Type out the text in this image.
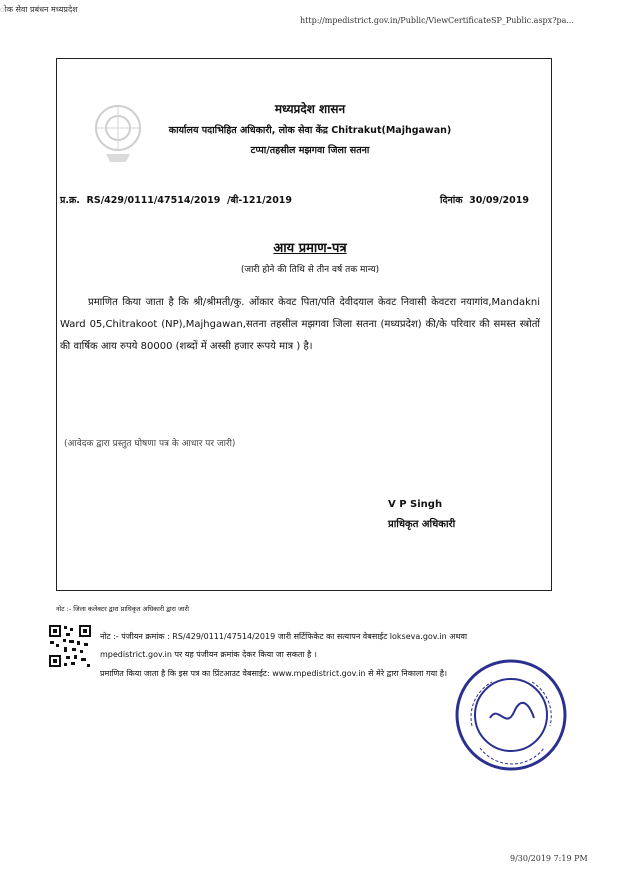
ोक सेवा प्रबंधन मध्यप्रदेश
http://mpedistrict.gov.in/Public/ViewCertificateSP_Public.aspx?pa...
मध्यप्रदेश शासन
कार्यालय पदाभिहित अधिकारी, लोक सेवा केंद्र Chitrakut(Majhgawan)
टप्पा/तहसील मझगवा जिला सतना
प्र.क्र. RS/429/0111/47514/2019 /बी-121/2019	दिनांक 30/09/2019
आय प्रमाण-पत्र
(जारी होने की तिथि से तीन वर्ष तक मान्य)
प्रमाणित किया जाता है कि श्री/श्रीमती/कु. ओंकार केवट पिता/पति देवीदयाल केवट निवासी केवटरा नयागांव,Mandakni Ward 05,Chitrakoot (NP),Majhgawan,सतना तहसील मझगवा जिला सतना (मध्यप्रदेश) की/के परिवार की समस्त स्त्रोतों की वार्षिक आय रुपये 80000 (शब्दों में अस्सी हजार रूपये मात्र ) है।
(आवेदक द्वारा प्रस्तुत घोषणा पत्र के आधार पर जारी)
V P Singh
प्राधिकृत अधिकारी
नोट :- जिला कलेक्टर द्वारा प्राधिकृत अधिकारी द्वारा जारी
नोट :- पंजीयन क्रमांक : RS/429/0111/47514/2019 जारी सर्टिफिकेट का सत्यापन वेबसाईट lokseva.gov.in अथवा mpedistrict.gov.in पर यह पंजीयन क्रमांक देकर किया जा सकता है ।
प्रमाणित किया जाता है कि इस पत्र का प्रिंटआउट वेबसाईट: www.mpedistrict.gov.in से मेरे द्वारा निकाला गया है।
9/30/2019 7:19 PM
